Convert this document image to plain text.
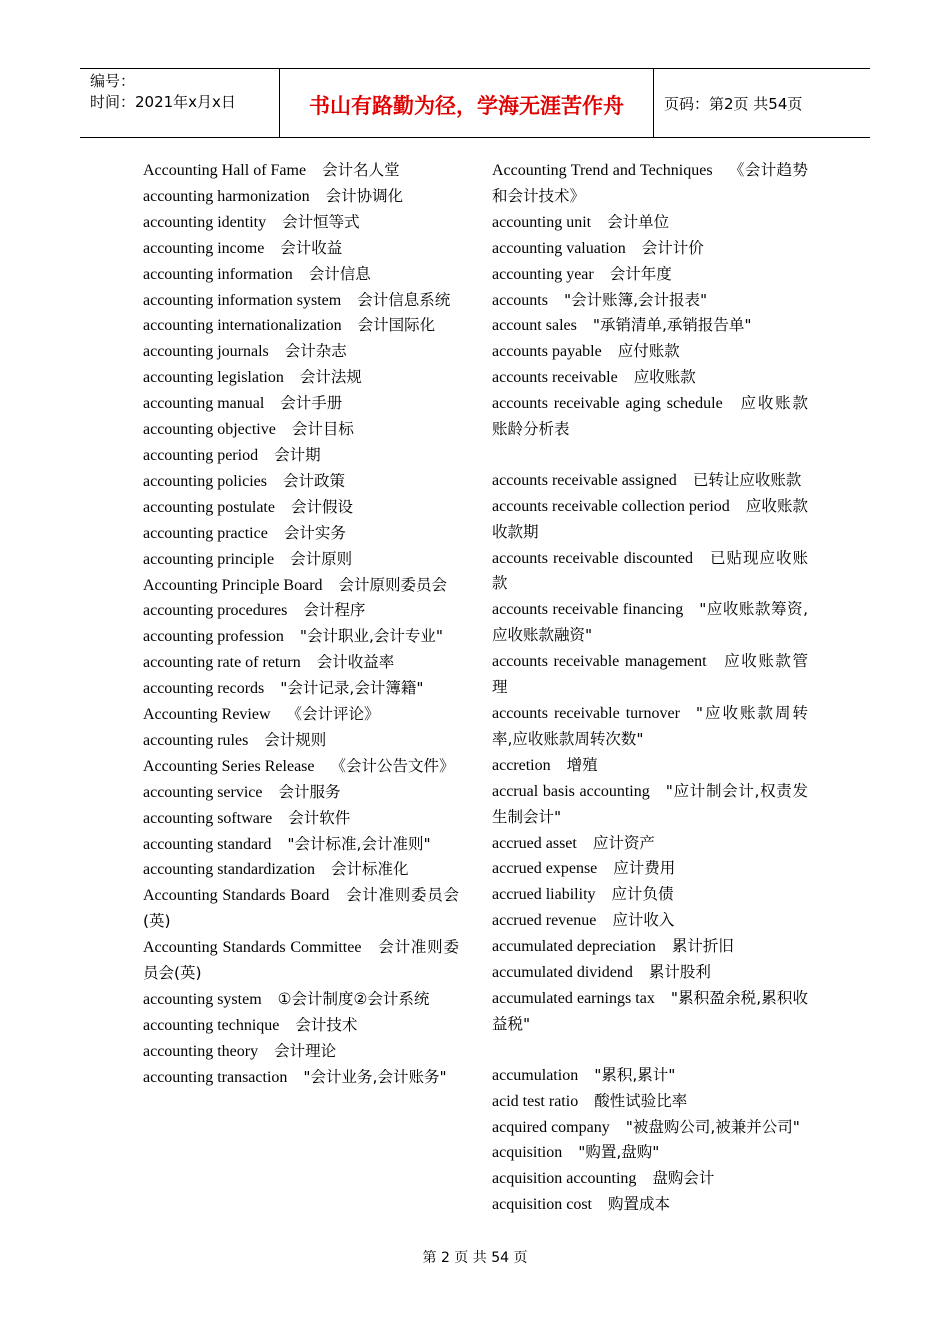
编号：
时间：2021年x月x日	书山有路勤为径，学海无涯苦作舟	页码：第2页 共54页

Accounting Hall of Fame  会计名人堂

accounting harmonization  会计协调化

accounting identity  会计恒等式

accounting income  会计收益

accounting information  会计信息

accounting information system  会计信息系统

accounting internationalization  会计国际化

accounting journals  会计杂志

accounting legislation  会计法规

accounting manual  会计手册

accounting objective  会计目标

accounting period  会计期

accounting policies  会计政策

accounting postulate  会计假设

accounting practice  会计实务

accounting principle  会计原则

Accounting Principle Board  会计原则委员会

accounting procedures  会计程序

accounting profession  "会计职业,会计专业"

accounting rate of return  会计收益率

accounting records  "会计记录,会计簿籍"

Accounting Review  《会计评论》

accounting rules  会计规则

Accounting Series Release  《会计公告文件》

accounting service  会计服务

accounting software  会计软件

accounting standard  "会计标准,会计准则"

accounting standardization  会计标准化

Accounting Standards Board  会计准则委员会(英)

Accounting Standards Committee  会计准则委员会(英)

accounting system  ①会计制度②会计系统

accounting technique  会计技术

accounting theory  会计理论

accounting transaction  "会计业务,会计账务"

Accounting Trend and Techniques  《会计趋势和会计技术》

accounting unit  会计单位

accounting valuation  会计计价

accounting year  会计年度

accounts  "会计账簿,会计报表"

account sales  "承销清单,承销报告单"

accounts payable  应付账款

accounts receivable  应收账款

accounts receivable aging schedule  应收账款账龄分析表

accounts receivable assigned  已转让应收账款

accounts receivable collection period  应收账款收款期

accounts receivable discounted  已贴现应收账款

accounts receivable financing  "应收账款筹资,应收账款融资"

accounts receivable management  应收账款管理

accounts receivable turnover  "应收账款周转率,应收账款周转次数"

accretion  增殖

accrual basis accounting  "应计制会计,权责发生制会计"

accrued asset  应计资产

accrued expense  应计费用

accrued liability  应计负债

accrued revenue  应计收入

accumulated depreciation  累计折旧

accumulated dividend  累计股利

accumulated earnings tax  "累积盈余税,累积收益税"

accumulation  "累积,累计"

acid test ratio  酸性试验比率

acquired company  "被盘购公司,被兼并公司"

acquisition  "购置,盘购"

acquisition accounting  盘购会计

acquisition cost  购置成本

第 2 页 共 54 页
